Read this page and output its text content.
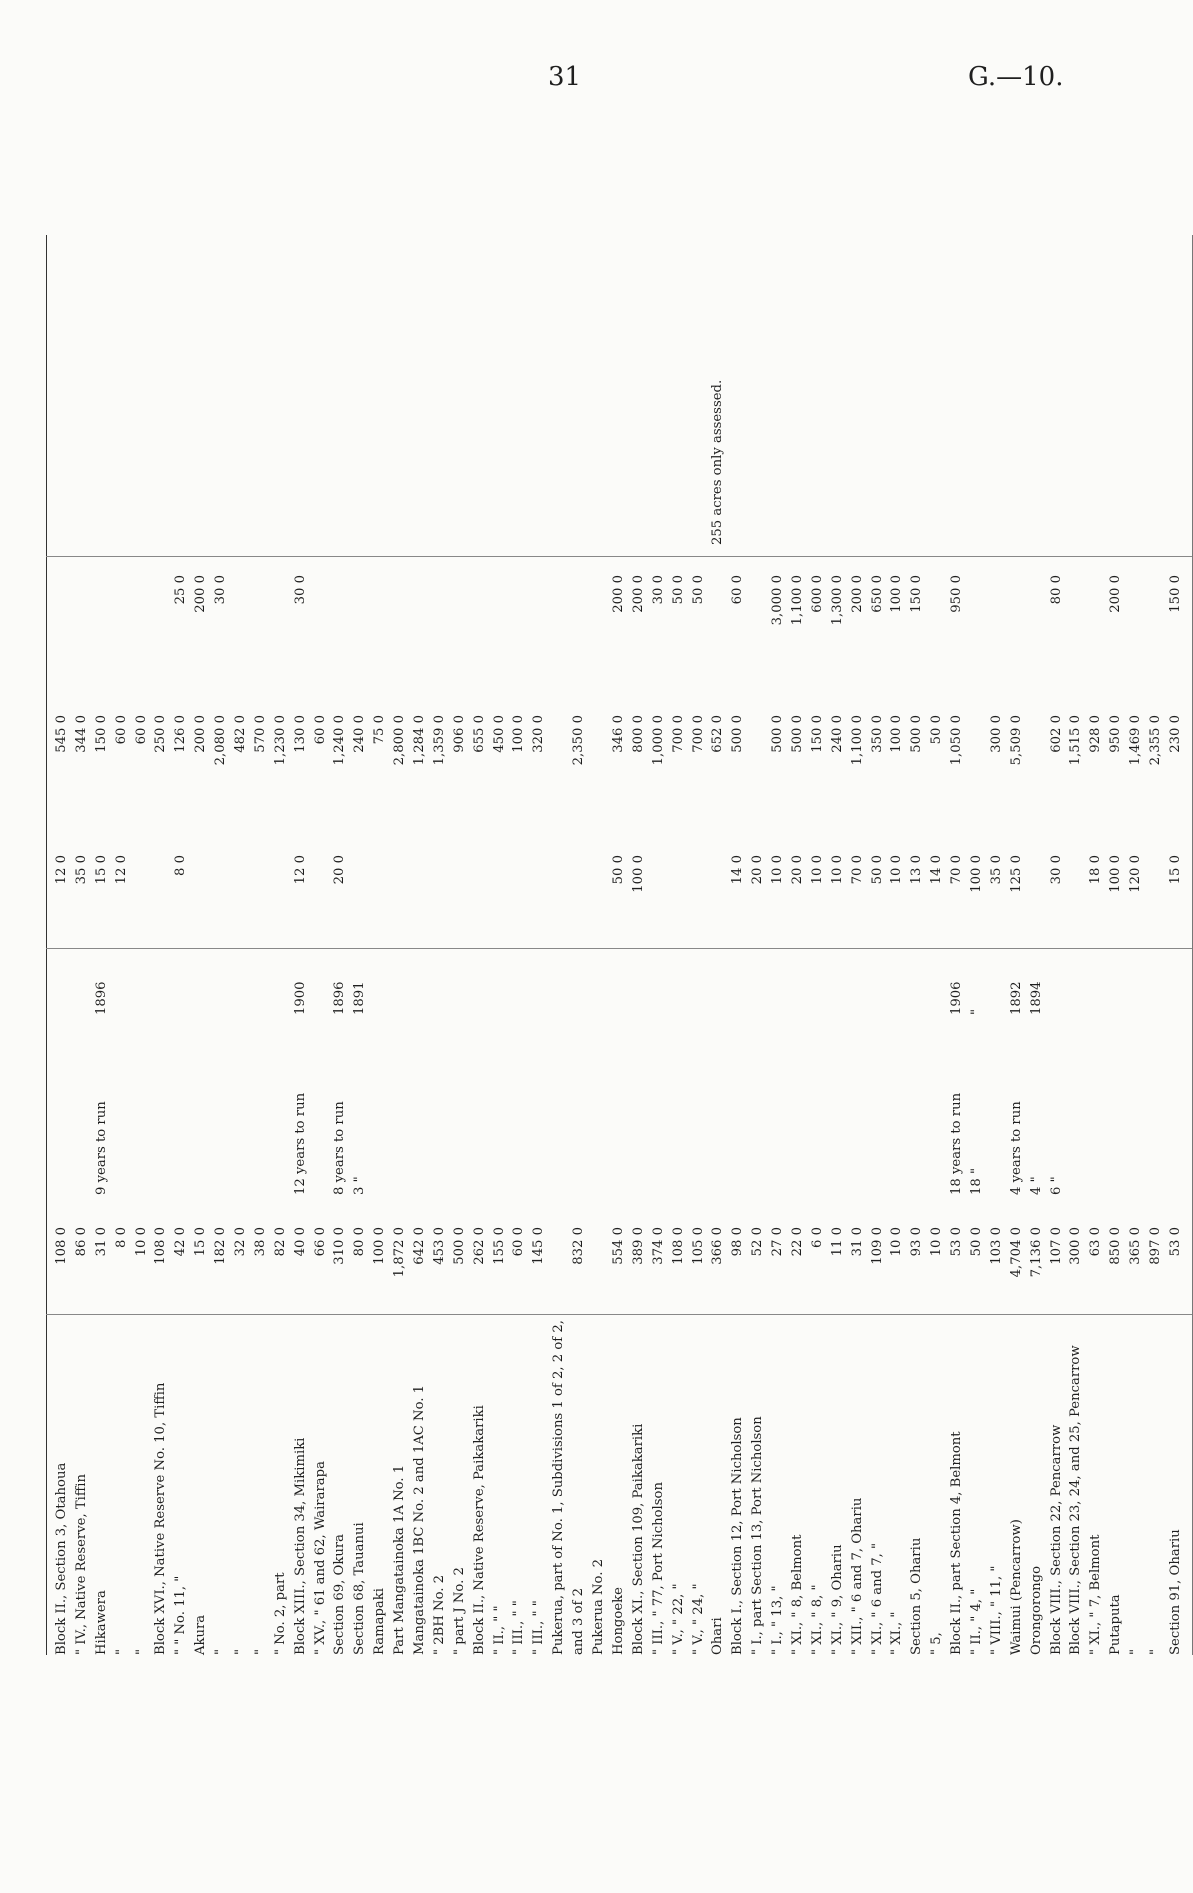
31	G.—10.
Block II., Section 3, Otahoua
108 0
12 0
545 0
" IV., Native Reserve, Tiffin
86 0
35 0
344 0
Hikawera
31 0
9 years to run
1896
15 0
150 0
"
8 0
12 0
60 0
"
10 0
60 0
Block XVI., Native Reserve No. 10, Tiffin
108 0
250 0
" " No. 11, "
42 0
8 0
126 0
25 0
Akura
15 0
200 0
200 0
"
182 0
2,080 0
30 0
"
32 0
482 0
"
38 0
570 0
" No. 2, part
82 0
1,230 0
Block XIII., Section 34, Mikimiki
40 0
12 years to run
1900
12 0
130 0
30 0
" XV., " 61 and 62, Wairarapa
66 0
60 0
Section 69, Okura
310 0
8 years to run
1896
20 0
1,240 0
Section 68, Tauanui
80 0
3 "
1891
240 0
Ramapaki
100 0
75 0
Part Mangatainoka 1A No. 1
1,872 0
2,800 0
Mangatainoka 1BC No. 2 and 1AC No. 1
642 0
1,284 0
" 2BH No. 2
453 0
1,359 0
" part J No. 2
500 0
906 0
Block II., Native Reserve, Paikakariki
262 0
655 0
" II., " "
155 0
450 0
" III., " "
60 0
100 0
" III., " "
145 0
320 0
Pukerua, part of No. 1, Subdivisions 1 of 2, 2 of 2, and 3 of 2
832 0
2,350 0
Pukerua No. 2 Hongoeke
554 0
50 0
346 0
200 0
Block XI., Section 109, Paikakariki
389 0
100 0
800 0
200 0
" III., " 77, Port Nicholson
374 0
1,000 0
30 0
" V., " 22, "
108 0
700 0
50 0
" V., " 24, "
105 0
700 0
50 0
Ohari
366 0
652 0
255 acres only assessed.
Block I., Section 12, Port Nicholson
98 0
14 0
500 0
60 0
" I., part Section 13, Port Nicholson
52 0
20 0
" I., " 13, "
27 0
10 0
500 0
3,000 0
" XI., " 8, Belmont
22 0
20 0
500 0
1,100 0
" XI., " 8, "
6 0
10 0
150 0
600 0
" XI., " 9, Ohariu
11 0
10 0
240 0
1,300 0
" XII., " 6 and 7, Ohariu
31 0
70 0
1,100 0
200 0
" XI., " 6 and 7, "
109 0
50 0
350 0
650 0
" XI., "
10 0
10 0
100 0
100 0
Section 5, Ohariu
93 0
13 0
500 0
150 0
" 5,
10 0
14 0
50 0
Block II., part Section 4, Belmont
53 0
18 years to run
1906
70 0
1,050 0
950 0
" II., " 4, "
50 0
18 "
"
100 0
" VIII., " 11, "
103 0
35 0
300 0
Waimui (Pencarrow)
4,704 0
4 years to run
1892
125 0
5,509 0
Orongorongo
7,136 0
4 "
1894
Block VIII., Section 22, Pencarrow
107 0
6 "
30 0
602 0
80 0
Block VIII., Section 23, 24, and 25, Pencarrow
300 0
1,515 0
" XI., " 7, Belmont
63 0
18 0
928 0
Putaputa
850 0
100 0
950 0
200 0
"
365 0
120 0
1,469 0
"
897 0
2,355 0
Section 91, Ohariu
53 0
15 0
230 0
150 0
